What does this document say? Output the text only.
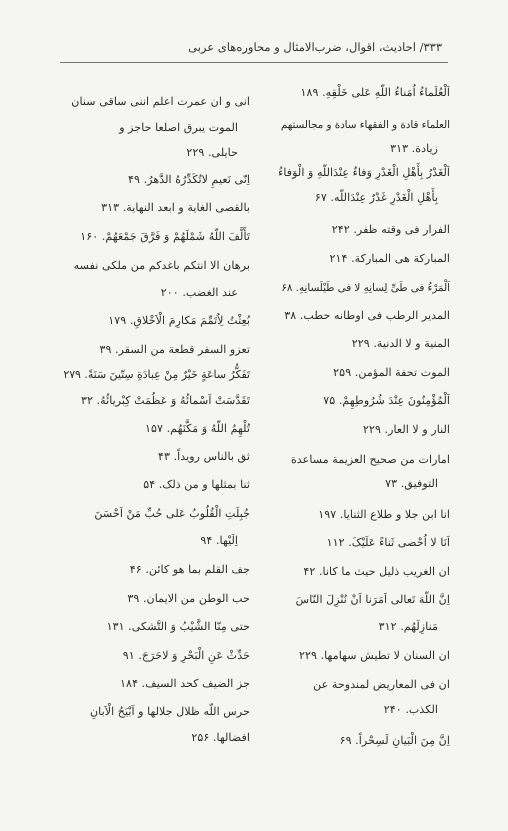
۳۳۳/ احادیث، اقوال، ضرب‌الامثال و محاوره‌های عربی
اَلْعُلَماءُ اُمَناءُ اللّهِ عَلی خَلْقِهِ. ۱۸۹
العلماء قادة و الفقهاء سادة و مجالستهم
زیادة. ۳۱۳
اَلْغَدْرُ بِأَهْلِ الْغَدْرِ وَفاءٌ عِنْدَاللّهِ وَ الْوَفاءُ
بِأَهْلِ الْغَدْرِ غَدْرٌ عِنْدَاللّه. ۶۷
الفرار فی وقته ظفر. ۲۴۲
المبارکة هی المبارکة. ۲۱۴
اَلْمَرْءُ فی طَیِّ لِسانِهِ لا فی طَیْلَسانِهِ. ۶۸
المدیر الرطب فی اوطانه حطب. ۳۸
المنیة و لا الدنیة. ۲۲۹
الموت تحفة المؤمن. ۲۵۹
اَلْمُؤْمِنُونَ عِنْدَ شُرُوطِهِمْ. ۷۵
النار و لا العار. ۲۲۹
امارات من صحیح العزیمة مساعدة
التوفیق. ۷۳
انا ابن جلا و طلاع الثنایا. ۱۹۷
اَنَا لا اُحْصی ثَناءً عَلَیْکَ. ۱۱۲
ان الغریب ذلیل حیث ما کانا. ۴۲
اِنَّ اللّهَ تَعالی اَمَرَنا اَنْ نُنْزِلَ النّاسَ
مَنازِلَهُم. ۳۱۲
ان السنان لا تطیش سهامها. ۲۲۹
ان فی المعاریض لمندوحة عن
الکذب. ۲۴۰
اِنَّ مِنَ الْبَیانِ لَسِحْراً. ۶۹
انی و ان عمرت اعلم اننی ساقی سنان
الموت یبرق اصلعا حاجز و
حایلی. ۲۲۹
اِنّی نَعیمِ لاتُکَدِّرُهُ الدَّهرُ. ۴۹
بالقصی الغایة و ابعد النهایة. ۳۱۳
تَأَلَّفَ اللّهُ شَمْلَهُمْ وَ فَرَّقَ جَمْعَهُمْ. ۱۶۰
برهان الا انتکم باغدکم من ملکی نفسه
عند الغضب. ۲۰۰
بُعِثْتُ لِاُتَمِّمَ مَکارِمَ الْاَخْلاقِ. ۱۷۹
تعزو السفر قطعة من السقر. ۳۹
تَفَکُّرُ ساعَةٍ خَیْرٌ مِنْ عِبادَةِ سِتّینَ سَنَةً. ۲۷۹
تَقَدَّسَتْ اَسْمائُهُ وَ عَظُمَتْ کِبْریائُهُ. ۳۲
تُلْهِمُ اللّهُ وَ مَکَّنَهُم. ۱۵۷
ثق بالناس رویداً. ۴۳
ثنا بمثلها و من ذلک. ۵۴
جُبِلَتِ الْقُلُوبُ عَلی حُبِّ مَنْ اَحْسَنَ
اِلَیْها. ۹۴
جف القلم بما هو کائن. ۴۶
حب الوطن من الایمان. ۳۹
حتی مِنّا الشَّیْبُ وَ التَّشکی. ۱۳۱
حَدِّثْ عَنِ الْبَحْرِ وَ لاحَرَجَ. ۹۱
جز الضیف کحد السیف. ۱۸۴
حرس اللّه ظلال جلالها و اَبْیَحُ الْاَبانِ
افضالها. ۲۵۶
